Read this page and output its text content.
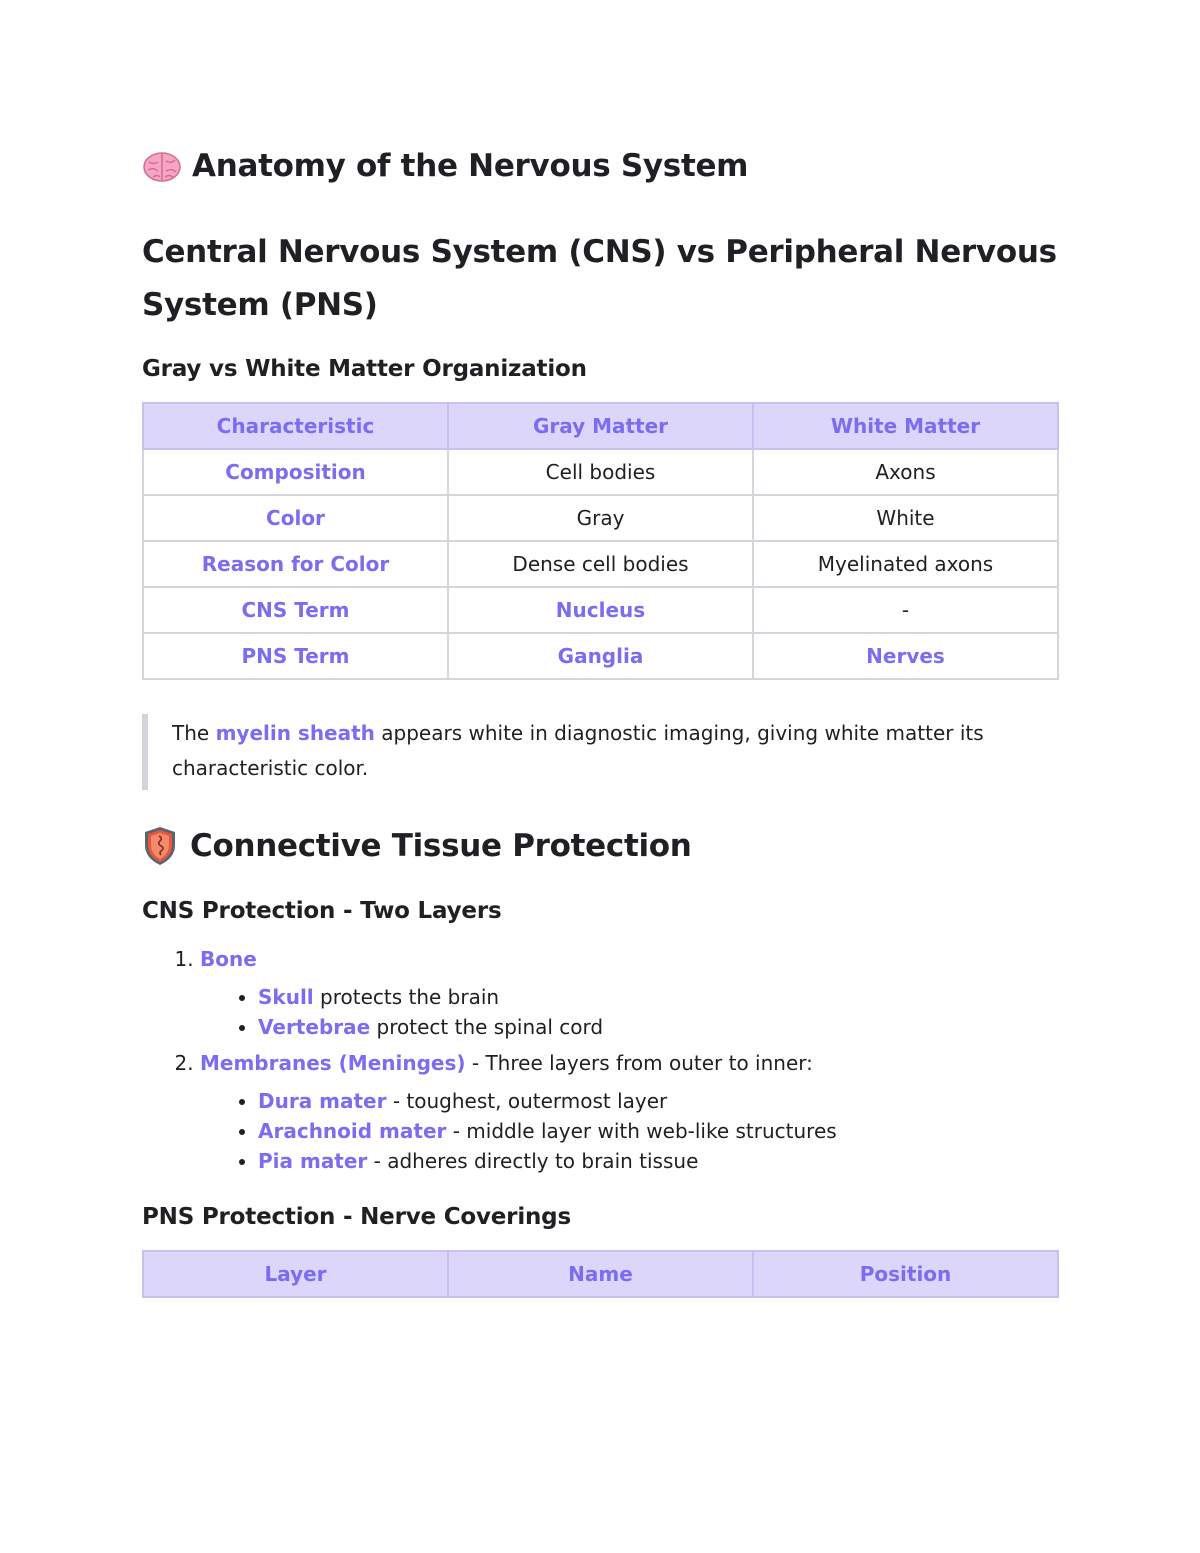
Anatomy of the Nervous System
Central Nervous System (CNS) vs Peripheral Nervous System (PNS)
Gray vs White Matter Organization
Characteristic	Gray Matter	White Matter
Composition	Cell bodies	Axons
Color	Gray	White
Reason for Color	Dense cell bodies	Myelinated axons
CNS Term	Nucleus	-
PNS Term	Ganglia	Nerves
The myelin sheath appears white in diagnostic imaging, giving white matter its characteristic color.
Connective Tissue Protection
CNS Protection - Two Layers
1. Bone
• Skull protects the brain
• Vertebrae protect the spinal cord
2. Membranes (Meninges) - Three layers from outer to inner:
• Dura mater - toughest, outermost layer
• Arachnoid mater - middle layer with web-like structures
• Pia mater - adheres directly to brain tissue
PNS Protection - Nerve Coverings
Layer	Name	Position
